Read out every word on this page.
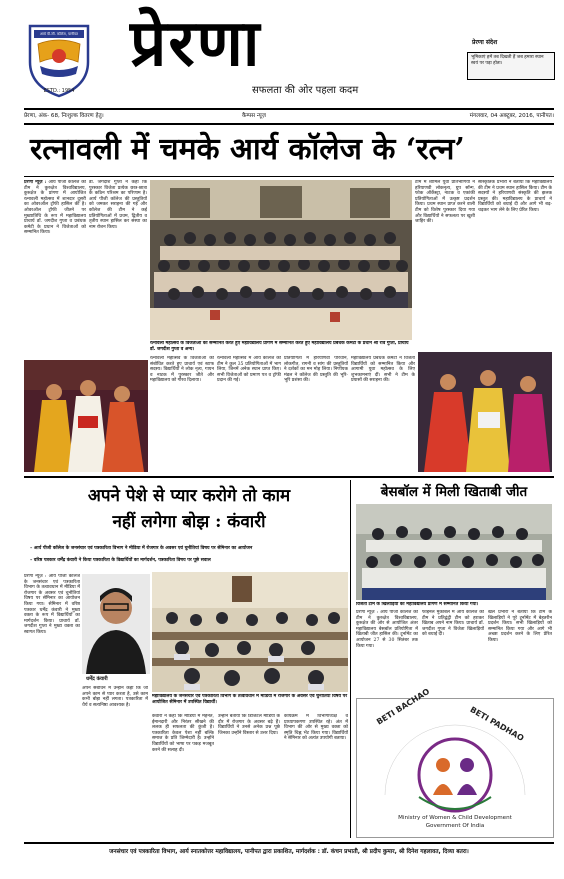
आर्य पी.जी. कॉलेज, पानीपत
ESTD.: 1954
प्रेरणा
सफलता की ओर पहला कदम
प्रेरणा संदेश
भूमिकाएं हमें तब दिखती हैं जब हमारा स्थान स्वयं पर पड़ा होता।
प्रेरणा, अंक- 68, निःशुल्क वितरण हेतु।	कैम्पस न्यूज़	मंगलवार, 04 अक्टूबर, 2016, पानीपत।
रत्नावली में चमके आर्य कॉलेज के ‘रत्न’
प्रेरणा न्यूज़ : आर्य पीजी कॉलेज की टीम ने कुरुक्षेत्र विश्वविद्यालय, कुरुक्षेत्र के प्रांगण में आयोजित रत्नावली महोत्सव में शानदार दूसरी का ओवरऑल ट्रॉफी हासिल की है। ओवरऑल ट्रॉफी जीतने पर मुख्यातिथि के रूप में महाविद्यालय प्राचार्य डॉ. जगदीश गुप्ता व प्रबंधक कमेटी के प्रधान ने विजेताओं को सम्मानित किया।
डॉ. जगदीश गुप्ता ने कहा कि पुरस्कार विजेता प्रत्येक छात्र-छात्रा के कठिन परिश्रम का परिणाम है। आर्य पीजी कॉलेज की प्रस्तुतियों को जमकर सराहना की गई और कॉलेज की टीम ने कई प्रतियोगिताओं में प्रथम, द्वितीय व तृतीय स्थान हासिल कर संस्था का नाम रोशन किया।
रत्नावली महोत्सव के विजेताओं को सम्मानित करते हुए महाविद्यालय प्रांगण में सम्मानित करते हुए महाविद्यालय प्रबंधक कमेटी के प्रधान श्री रवि गुप्ता, प्राचार्य डॉ. जगदीश गुप्ता व अन्य।
टीम में शामिल युवा प्रतिभागियों ने हरियाणवी लोकनृत्य, ग्रुप सॉन्ग, फोक ऑर्केस्ट्रा, नाटक व एकांकी प्रतियोगिताओं में उत्कृष्ट प्रदर्शन किया। प्रथम स्थान प्राप्त करने वाली टीम को विशेष पुरस्कार दिया गया और विद्यार्थियों ने सफलता पर खुशी जाहिर की।
सांस्कृतिक प्रभारी ने बताया कि महाविद्यालय की टीम ने प्रथम स्थान हासिल किया। टीम के सदस्यों ने हरियाणवी संस्कृति की झलक प्रस्तुत की। महाविद्यालय के प्राचार्य ने विद्यार्थियों को बधाई दी और आगे भी बढ़-चढ़कर भाग लेने के लिए प्रेरित किया।
रत्नावली महोत्सव के विजेताओं को संबोधित करते हुए प्राचार्य एवं स्टाफ सदस्य। विद्यार्थियों ने लोक नृत्य, गायन व नाटक में पुरस्कार जीते और महाविद्यालय को गौरव दिलाया।
रत्नावली महोत्सव में आर्य कॉलेज की टीम ने कुल 35 प्रतियोगिताओं में भाग लिया, जिनमें अनेक स्थान प्राप्त किए। सभी विजेताओं को प्रमाण पत्र व ट्रॉफी प्रदान की गई।
प्रतियोगिता में हरियाणवी परिधान, लोकगीत, रागनी व सांग की प्रस्तुतियों ने दर्शकों का मन मोह लिया। निर्णायक मंडल ने कॉलेज की प्रस्तुति की भूरि-भूरि प्रशंसा की।
महाविद्यालय प्रबंधक कमेटी ने विजेता विद्यार्थियों को सम्मानित किया और आगामी युवा महोत्सव के लिए शुभकामनाएं दीं। सभी ने टीम के प्रयासों की सराहना की।
अपने पेशे से प्यार करोगे तो काम
नहीं लगेगा बोझ : कंवारी
– आर्य पीजी कॉलेज के जनसंचार एवं पत्रकारिता विभाग ने मीडिया में रोजगार के अवसर एवं चुनौतियां विषय पर सेमिनार का आयोजन
– वरिष्ठ पत्रकार धर्मेंद्र कंवारी ने किया पत्रकारिता के विद्यार्थियों का मार्गदर्शन, पत्रकारिता विषय पर पूछे सवाल
प्रेरणा न्यूज़ : आर्य पीजी कॉलेज के जनसंचार एवं पत्रकारिता विभाग के तत्वावधान में मीडिया में रोजगार के अवसर एवं चुनौतियां विषय पर सेमिनार का आयोजन किया गया। सेमिनार में वरिष्ठ पत्रकार धर्मेंद्र कंवारी ने मुख्य वक्ता के रूप में विद्यार्थियों का मार्गदर्शन किया। प्राचार्य डॉ. जगदीश गुप्ता ने मुख्य वक्ता का स्वागत किया।
धर्मेंद्र कंवारी
अपने संबोधन में उन्होंने कहा कि जो अपने काम से प्यार करता है, उसे काम कभी बोझ नहीं लगता। पत्रकारिता में धैर्य व सत्यनिष्ठा आवश्यक है।
महाविद्यालय के जनसंचार एवं पत्रकारिता विभाग के तत्वावधान में मीडिया में रोजगार के अवसर एवं चुनौतियां विषय पर आयोजित सेमिनार में उपस्थित विद्यार्थी।
कंवारी ने कहा कि मीडिया में मेहनत, ईमानदारी और निरंतर सीखने की ललक ही सफलता की कुंजी है। पत्रकारिता केवल पेशा नहीं बल्कि समाज के प्रति जिम्मेदारी है। उन्होंने विद्यार्थियों को भाषा पर पकड़ मजबूत करने की सलाह दी।
उन्होंने बताया कि डिजिटल मीडिया के दौर में रोजगार के अवसर बढ़े हैं। विद्यार्थियों ने उनसे अनेक प्रश्न पूछे जिनका उन्होंने विस्तार से उत्तर दिया।
कार्यक्रम में विभागाध्यक्ष व प्राध्यापकगण उपस्थित रहे। अंत में विभाग की ओर से मुख्य वक्ता को स्मृति चिह्न भेंट किया गया। विद्यार्थियों ने सेमिनार को अत्यंत उपयोगी बताया।
बेसबॉल में मिली खिताबी जीत
विजेता टीम के खिलाड़ियों को महाविद्यालय प्रांगण में सम्मानित किया गया।
प्रेरणा न्यूज़ : आर्य पीजी कॉलेज की टीम ने कुरुक्षेत्र विश्वविद्यालय, कुरुक्षेत्र की ओर से आयोजित अंतर महाविद्यालय बेसबॉल प्रतियोगिता में खिताबी जीत हासिल की। टूर्नामेंट का आयोजन 27 से 30 सितंबर तक किया गया।
फाइनल मुकाबले में आर्य कॉलेज की टीम ने प्रतिद्वंद्वी टीम को हराकर खिताब अपने नाम किया। प्राचार्य डॉ. जगदीश गुप्ता ने विजेता खिलाड़ियों को बधाई दी।
खेल प्रभारी ने बताया कि टीम के खिलाड़ियों ने पूरे टूर्नामेंट में बेहतरीन प्रदर्शन किया। सभी खिलाड़ियों को सम्मानित किया गया और आगे भी अच्छा प्रदर्शन करने के लिए प्रेरित किया।
BETI BACHAO	BETI PADHAO
Ministry of Women & Child Development
Government Of India
जनसंचार एवं पत्रकारिता विभाग, आर्य स्नातकोत्तर महाविद्यालय, पानीपत द्वारा प्रकाशित, मार्गदर्शक : डॉ. कंचन प्रभाती, श्री प्रदीप कुमार, श्री दिनेश गहलावत, दिव्या बतरा।
